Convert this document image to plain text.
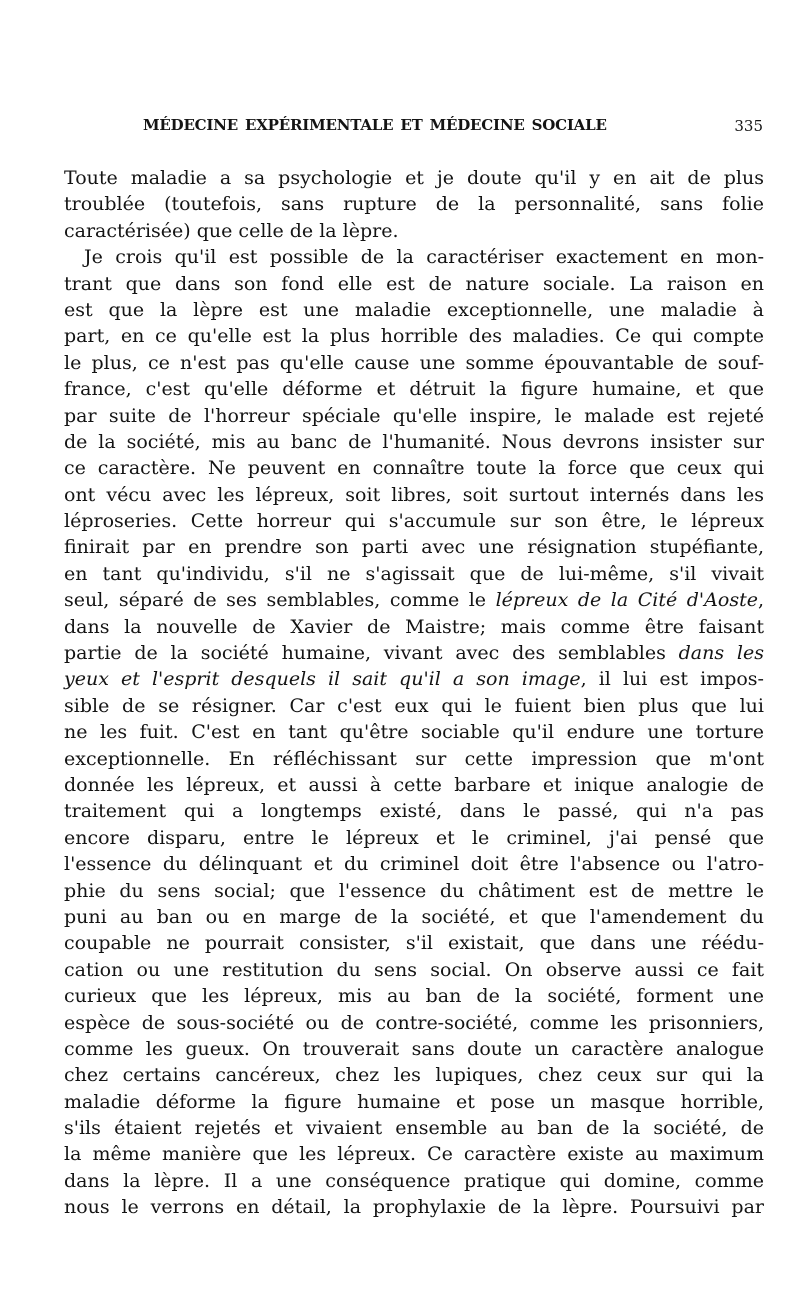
MÉDECINE EXPÉRIMENTALE ET MÉDECINE SOCIALE	335
Toute maladie a sa psychologie et je doute qu'il y en ait de plus
troublée (toutefois, sans rupture de la personnalité, sans folie
caractérisée) que celle de la lèpre.
Je crois qu'il est possible de la caractériser exactement en mon-
trant que dans son fond elle est de nature sociale. La raison en
est que la lèpre est une maladie exceptionnelle, une maladie à
part, en ce qu'elle est la plus horrible des maladies. Ce qui compte
le plus, ce n'est pas qu'elle cause une somme épouvantable de souf-
france, c'est qu'elle déforme et détruit la figure humaine, et que
par suite de l'horreur spéciale qu'elle inspire, le malade est rejeté
de la société, mis au banc de l'humanité. Nous devrons insister sur
ce caractère. Ne peuvent en connaître toute la force que ceux qui
ont vécu avec les lépreux, soit libres, soit surtout internés dans les
léproseries. Cette horreur qui s'accumule sur son être, le lépreux
finirait par en prendre son parti avec une résignation stupéfiante,
en tant qu'individu, s'il ne s'agissait que de lui-même, s'il vivait
seul, séparé de ses semblables, comme le lépreux de la Cité d'Aoste,
dans la nouvelle de Xavier de Maistre; mais comme être faisant
partie de la société humaine, vivant avec des semblables dans les
yeux et l'esprit desquels il sait qu'il a son image, il lui est impos-
sible de se résigner. Car c'est eux qui le fuient bien plus que lui
ne les fuit. C'est en tant qu'être sociable qu'il endure une torture
exceptionnelle. En réfléchissant sur cette impression que m'ont
donnée les lépreux, et aussi à cette barbare et inique analogie de
traitement qui a longtemps existé, dans le passé, qui n'a pas
encore disparu, entre le lépreux et le criminel, j'ai pensé que
l'essence du délinquant et du criminel doit être l'absence ou l'atro-
phie du sens social; que l'essence du châtiment est de mettre le
puni au ban ou en marge de la société, et que l'amendement du
coupable ne pourrait consister, s'il existait, que dans une réédu-
cation ou une restitution du sens social. On observe aussi ce fait
curieux que les lépreux, mis au ban de la société, forment une
espèce de sous-société ou de contre-société, comme les prisonniers,
comme les gueux. On trouverait sans doute un caractère analogue
chez certains cancéreux, chez les lupiques, chez ceux sur qui la
maladie déforme la figure humaine et pose un masque horrible,
s'ils étaient rejetés et vivaient ensemble au ban de la société, de
la même manière que les lépreux. Ce caractère existe au maximum
dans la lèpre. Il a une conséquence pratique qui domine, comme
nous le verrons en détail, la prophylaxie de la lèpre. Poursuivi par
